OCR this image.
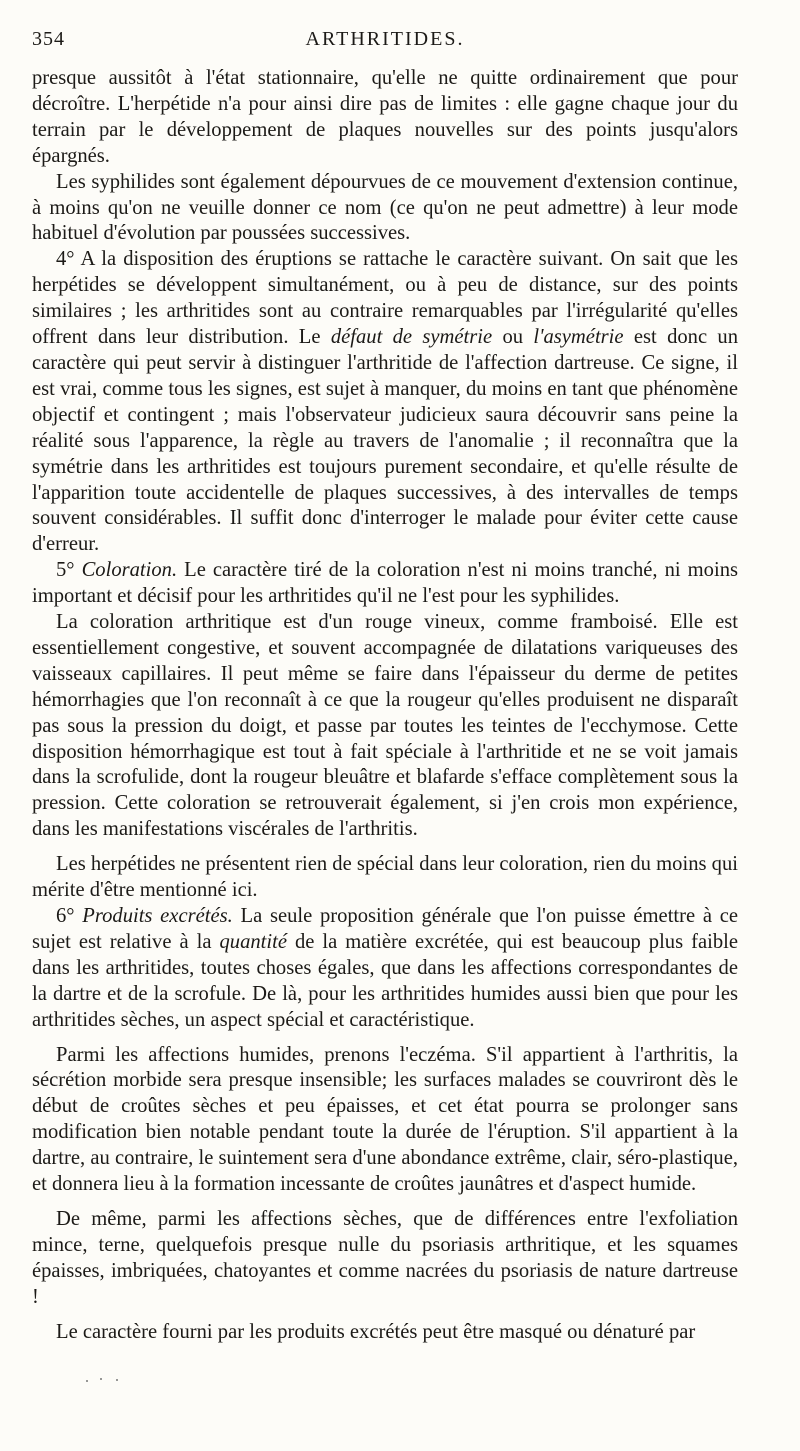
354	ARTHRITIDES.

presque aussitôt à l'état stationnaire, qu'elle ne quitte ordinairement que pour décroître. L'herpétide n'a pour ainsi dire pas de limites : elle gagne chaque jour du terrain par le développement de plaques nouvelles sur des points jusqu'alors épargnés.

Les syphilides sont également dépourvues de ce mouvement d'extension continue, à moins qu'on ne veuille donner ce nom (ce qu'on ne peut admettre) à leur mode habituel d'évolution par poussées successives.

4° A la disposition des éruptions se rattache le caractère suivant. On sait que les herpétides se développent simultanément, ou à peu de distance, sur des points similaires ; les arthritides sont au contraire remarquables par l'irrégularité qu'elles offrent dans leur distribution. Le défaut de symétrie ou l'asymétrie est donc un caractère qui peut servir à distinguer l'arthritide de l'affection dartreuse. Ce signe, il est vrai, comme tous les signes, est sujet à manquer, du moins en tant que phénomène objectif et contingent ; mais l'observateur judicieux saura découvrir sans peine la réalité sous l'apparence, la règle au travers de l'anomalie ; il reconnaîtra que la symétrie dans les arthritides est toujours purement secondaire, et qu'elle résulte de l'apparition toute accidentelle de plaques successives, à des intervalles de temps souvent considérables. Il suffit donc d'interroger le malade pour éviter cette cause d'erreur.

5° Coloration. Le caractère tiré de la coloration n'est ni moins tranché, ni moins important et décisif pour les arthritides qu'il ne l'est pour les syphilides.

La coloration arthritique est d'un rouge vineux, comme framboisé. Elle est essentiellement congestive, et souvent accompagnée de dilatations variqueuses des vaisseaux capillaires. Il peut même se faire dans l'épaisseur du derme de petites hémorrhagies que l'on reconnaît à ce que la rougeur qu'elles produisent ne disparaît pas sous la pression du doigt, et passe par toutes les teintes de l'ecchymose. Cette disposition hémorrhagique est tout à fait spéciale à l'arthritide et ne se voit jamais dans la scrofulide, dont la rougeur bleuâtre et blafarde s'efface complètement sous la pression. Cette coloration se retrouverait également, si j'en crois mon expérience, dans les manifestations viscérales de l'arthritis.

Les herpétides ne présentent rien de spécial dans leur coloration, rien du moins qui mérite d'être mentionné ici.

6° Produits excrétés. La seule proposition générale que l'on puisse émettre à ce sujet est relative à la quantité de la matière excrétée, qui est beaucoup plus faible dans les arthritides, toutes choses égales, que dans les affections correspondantes de la dartre et de la scrofule. De là, pour les arthritides humides aussi bien que pour les arthritides sèches, un aspect spécial et caractéristique.

Parmi les affections humides, prenons l'eczéma. S'il appartient à l'arthritis, la sécrétion morbide sera presque insensible; les surfaces malades se couvriront dès le début de croûtes sèches et peu épaisses, et cet état pourra se prolonger sans modification bien notable pendant toute la durée de l'éruption. S'il appartient à la dartre, au contraire, le suintement sera d'une abondance extrême, clair, séro-plastique, et donnera lieu à la formation incessante de croûtes jaunâtres et d'aspect humide.

De même, parmi les affections sèches, que de différences entre l'exfoliation mince, terne, quelquefois presque nulle du psoriasis arthritique, et les squames épaisses, imbriquées, chatoyantes et comme nacrées du psoriasis de nature dartreuse !

Le caractère fourni par les produits excrétés peut être masqué ou dénaturé par
